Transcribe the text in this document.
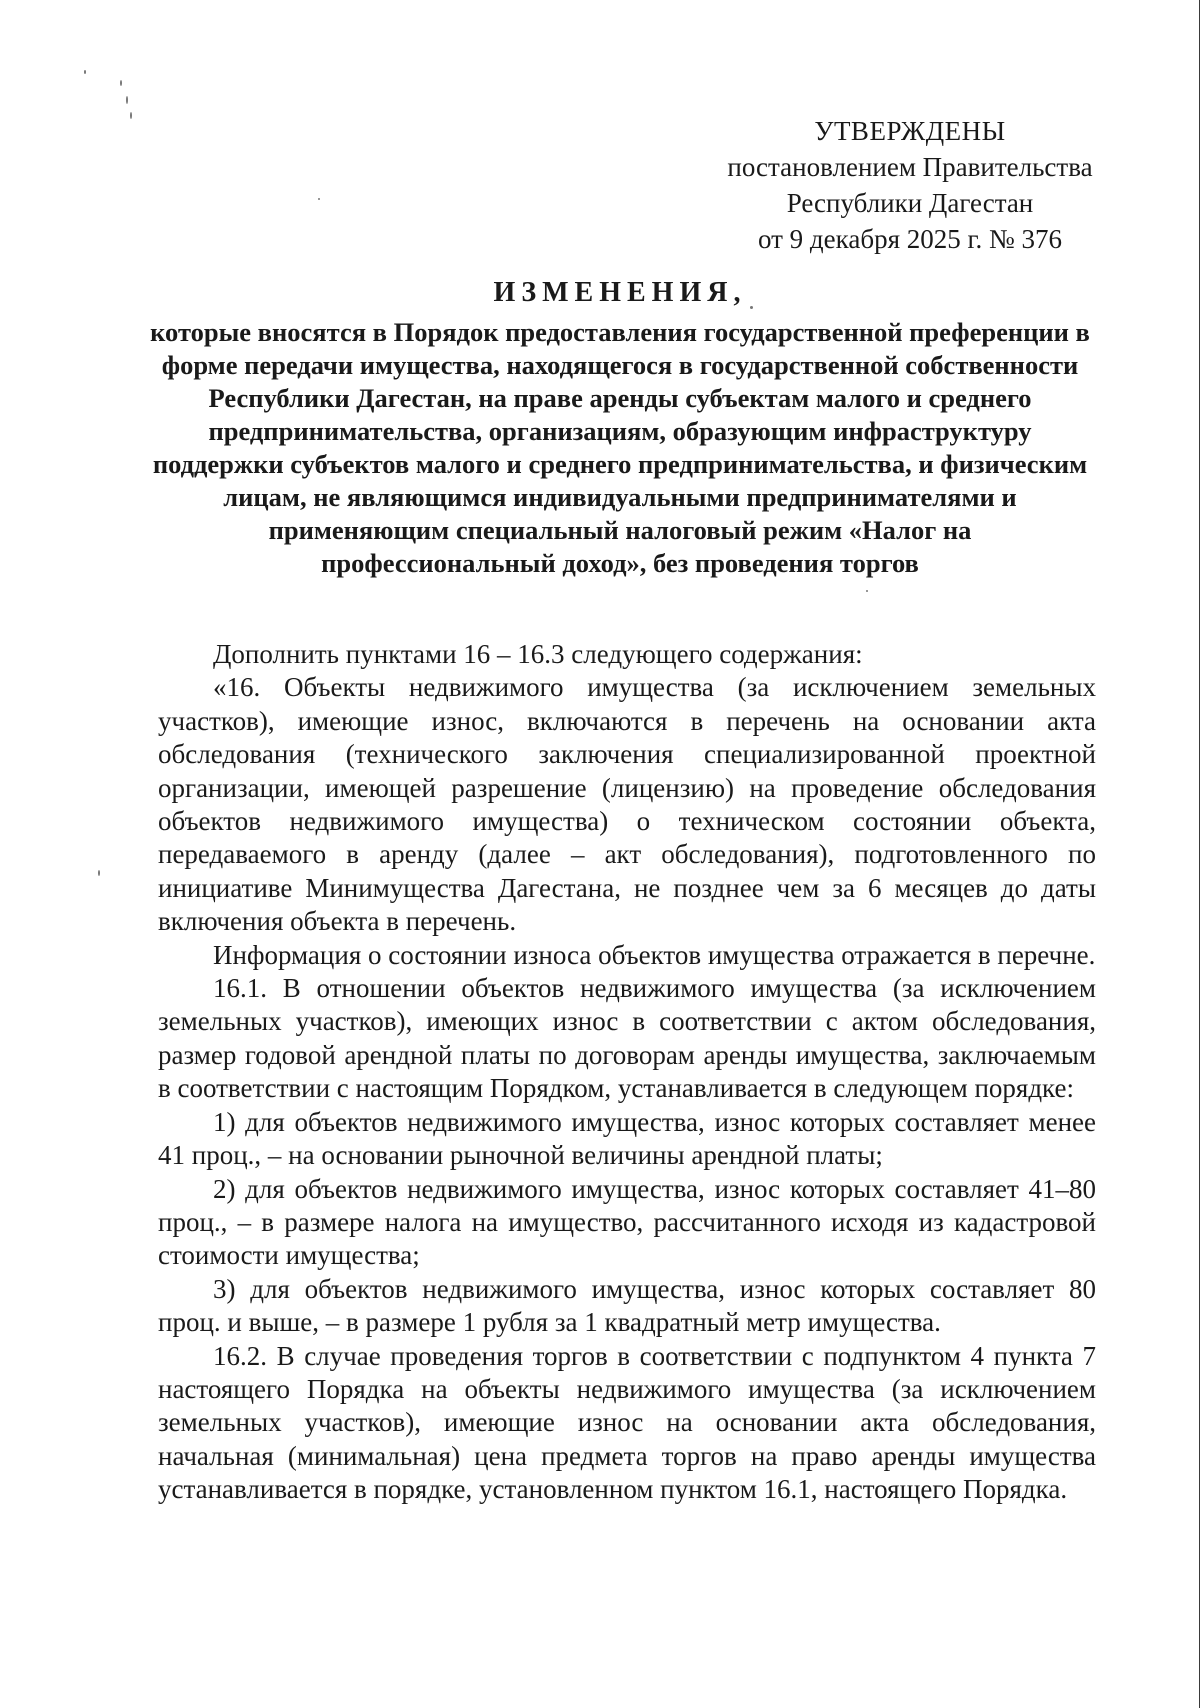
УТВЕРЖДЕНЫ
постановлением Правительства
Республики Дагестан
от 9 декабря 2025 г. № 376
ИЗМЕНЕНИЯ,
которые вносятся в Порядок предоставления государственной преференции в форме передачи имущества, находящегося в государственной собственности Республики Дагестан, на праве аренды субъектам малого и среднего предпринимательства, организациям, образующим инфраструктуру поддержки субъектов малого и среднего предпринимательства, и физическим лицам, не являющимся индивидуальными предпринимателями и применяющим специальный налоговый режим «Налог на профессиональный доход», без проведения торгов

Дополнить пунктами 16 – 16.3 следующего содержания:

«16. Объекты недвижимого имущества (за исключением земельных участков), имеющие износ, включаются в перечень на основании акта обследования (технического заключения специализированной проектной организации, имеющей разрешение (лицензию) на проведение обследования объектов недвижимого имущества) о техническом состоянии объекта, передаваемого в аренду (далее – акт обследования), подготовленного по инициативе Минимущества Дагестана, не позднее чем за 6 месяцев до даты включения объекта в перечень.

Информация о состоянии износа объектов имущества отражается в перечне.

16.1. В отношении объектов недвижимого имущества (за исключением земельных участков), имеющих износ в соответствии с актом обследования, размер годовой арендной платы по договорам аренды имущества, заключаемым в соответствии с настоящим Порядком, устанавливается в следующем порядке:

1) для объектов недвижимого имущества, износ которых составляет менее 41 проц., – на основании рыночной величины арендной платы;

2) для объектов недвижимого имущества, износ которых составляет 41–80 проц., – в размере налога на имущество, рассчитанного исходя из кадастровой стоимости имущества;

3) для объектов недвижимого имущества, износ которых составляет 80 проц. и выше, – в размере 1 рубля за 1 квадратный метр имущества.

16.2. В случае проведения торгов в соответствии с подпунктом 4 пункта 7 настоящего Порядка на объекты недвижимого имущества (за исключением земельных участков), имеющие износ на основании акта обследования, начальная (минимальная) цена предмета торгов на право аренды имущества устанавливается в порядке, установленном пунктом 16.1, настоящего Порядка.
